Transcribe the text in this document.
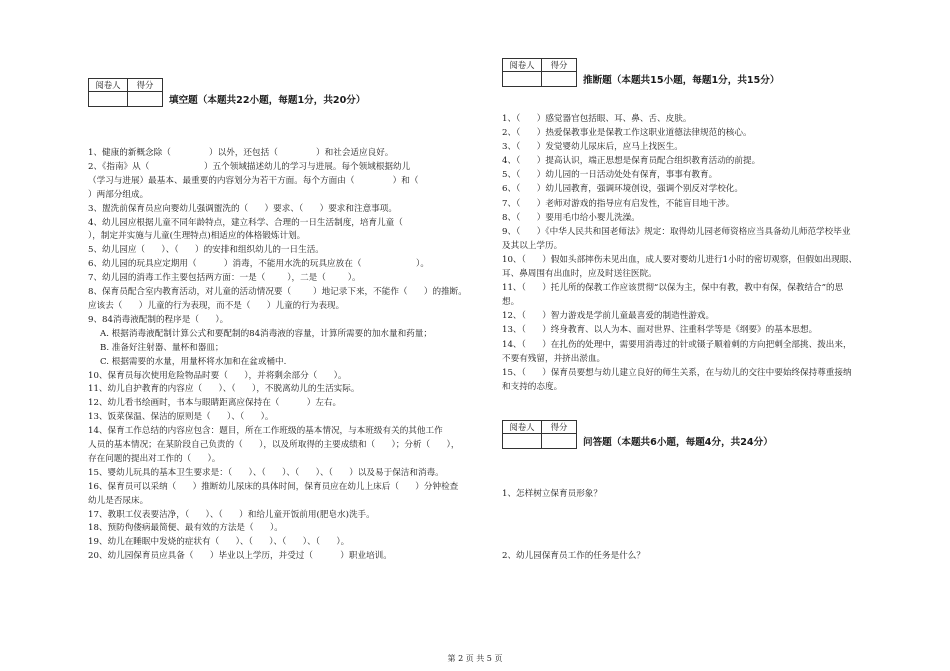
阅卷人	得分

填空题（本题共22小题，每题1分，共20分）
1、健康的新概念除（              ）以外，还包括（              ）和社会适应良好。
2、《指南》从（                    ）五个领域描述幼儿的学习与进展。每个领域根据幼儿
（学习与进展）最基本、最重要的内容划分为若干方面。每个方面由（              ）和（
）两部分组成。
3、盥洗前保育员应向婴幼儿强调盥洗的（      ）要求、（      ）要求和注意事项。
4、幼儿园应根据儿童不同年龄特点，建立科学、合理的一日生活制度，培育儿童（
），制定并实施与儿童(生理特点)相适应的体格锻炼计划。
5、幼儿园应（      ）、（      ）的安排和组织幼儿的一日生活。
6、幼儿园的玩具应定期用（          ）消毒，不能用水洗的玩具应放在（                    ）。
7、幼儿园的消毒工作主要包括两方面：一是（        ），二是（        ）。
8、保育员配合室内教育活动，对儿童的活动情况要（        ）地记录下来，不能作（      ）的推断。
应该去（      ）儿童的行为表现，而不是（      ）儿童的行为表现。
9、84消毒液配制的程序是（      ）。
A. 根据消毒液配制计算公式和要配制的84消毒液的容量，计算所需要的加水量和药量；
B. 准备好注射器、量杯和器皿；
C. 根据需要的水量，用量杯将水加和在盆或桶中.
10、保育员每次使用危险物品时要（      ），并将剩余部分（      ）。
11、幼儿自护教育的内容应（      ）、（      ），不脱离幼儿的生活实际。
12、幼儿看书绘画时，书本与眼睛距离应保持在（          ）左右。
13、饭菜保温、保洁的原则是（      ）、（      ）。
14、保育工作总结的内容应包含：题目，所在工作班级的基本情况，与本班级有关的其他工作
人员的基本情况；在某阶段自己负责的（      ），以及所取得的主要成绩和（      ）；分析（      ），
存在问题的提出对工作的（      ）。
15、婴幼儿玩具的基本卫生要求是：（      ）、（      ）、（      ）、（      ）以及易于保洁和消毒。
16、保育员可以采纳（      ）推断幼儿尿床的具体时间，保育员应在幼儿上床后（      ）分钟检查
幼儿是否尿床。
17、教职工仪表要洁净，（      ）、（      ）和给儿童开饭前用(肥皂水)洗手。
18、预防佝偻病最简便、最有效的方法是（      ）。
19、幼儿在睡眠中发烧的症状有（      ）、（      ）、（      ）、（      ）。
20、幼儿园保育员应具备（      ）毕业以上学历，并受过（          ）职业培训。
阅卷人	得分

推断题（本题共15小题，每题1分，共15分）
1、（      ）感觉器官包括眼、耳、鼻、舌、皮肤。
2、（      ）热爱保教事业是保教工作这职业道德法律规范的核心。
3、（      ）发觉婴幼儿尿床后，应马上找医生。
4、（      ）提高认识，端正思想是保育员配合组织教育活动的前提。
5、（      ）幼儿园的一日活动处处有保育，事事有教育。
6、（      ）幼儿园教育，强调环境创设，强调个别反对学校化。
7、（      ）老师对游戏的指导应有启发性，不能盲目地干涉。
8、（      ）要用毛巾给小婴儿洗澡。
9、（      ）《中华人民共和国老师法》规定：取得幼儿园老师资格应当具备幼儿师范学校毕业
及其以上学历。
10、（      ）假如头部摔伤未见出血，成人要对婴幼儿进行1小时的密切观察，但假如出现眼、
耳、鼻周围有出血时，应及时送往医院。
11、（      ）托儿所的保教工作应该贯彻“以保为主，保中有教，教中有保，保教结合”的思
想。
12、（      ）智力游戏是学前儿童最喜爱的制造性游戏。
13、（      ）终身教育、以人为本、面对世界、注重科学等是《纲要》的基本思想。
14、（      ）在扎伤的处理中，需要用消毒过的针或镊子顺着刺的方向把刺全部挑、拨出来，
不要有残留，并挤出淤血。
15、（      ）保育员要想与幼儿建立良好的师生关系，在与幼儿的交往中要始终保持尊重接纳
和支持的态度。
阅卷人	得分

问答题（本题共6小题，每题4分，共24分）
1、怎样树立保育员形象？
2、幼儿园保育员工作的任务是什么？
第 2 页 共 5 页
